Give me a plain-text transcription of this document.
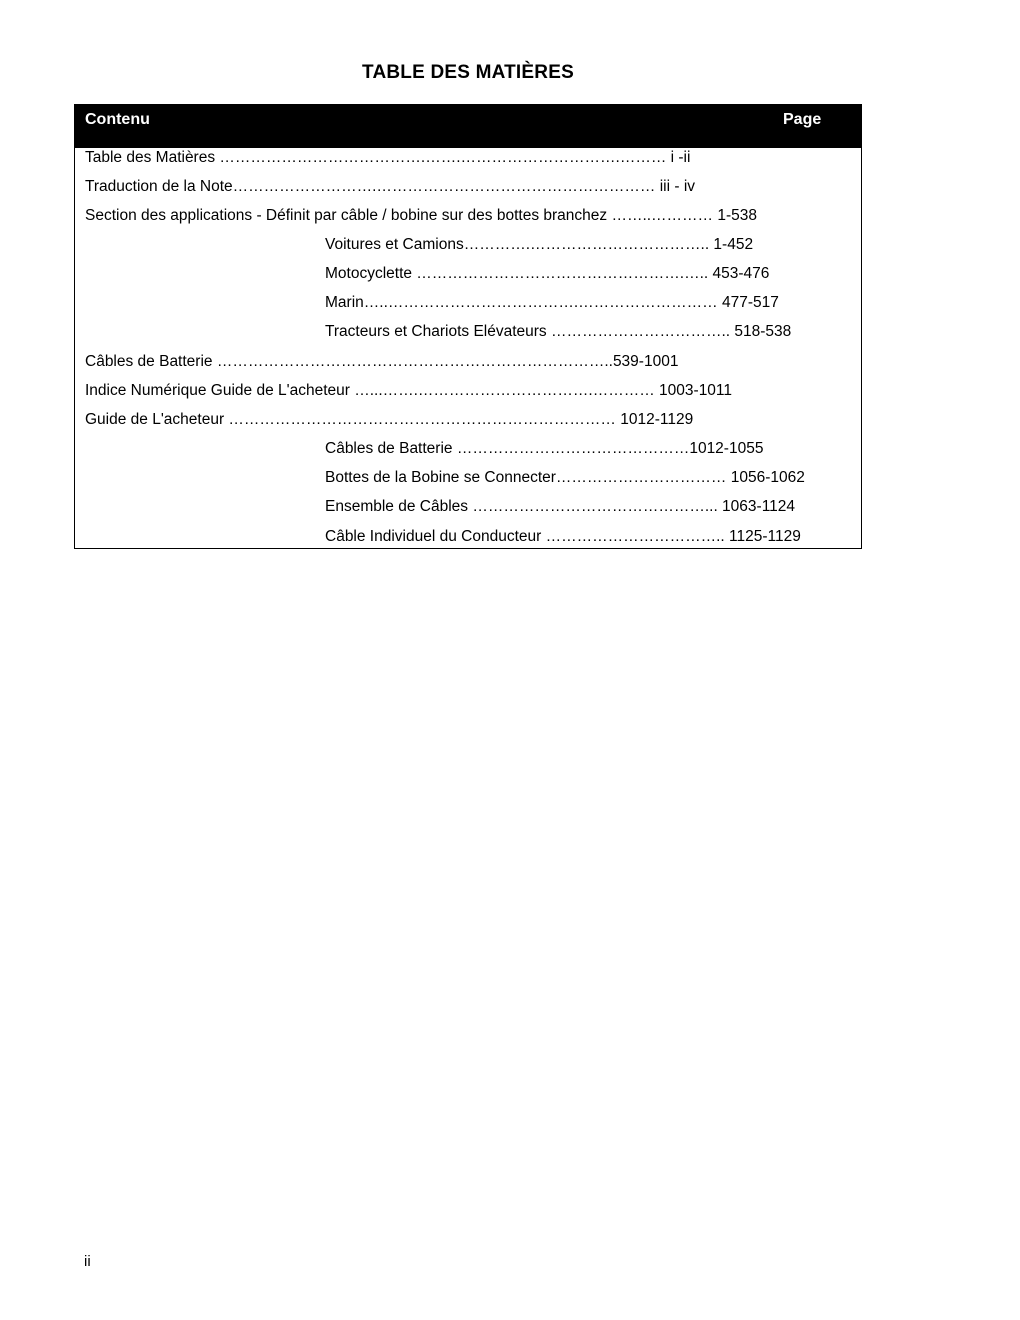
TABLE DES MATIÈRES
Contenu	Page
Table des Matières ………………………………….…….………………………….……… i -ii
Traduction de la Note……………………….……………………………………………… iii - iv
Section des applications - Définit par câble / bobine sur des bottes branchez ……..………… 1-538
Voitures et Camions………….…………………………….. 1-452
Motocyclette …………………………………………….….. 453-476
Marin…..……………………………….……………………… 477-517
Tracteurs et Chariots Elévateurs …………………………….. 518-538
Câbles de Batterie …………………………………………………………………..539-1001
Indice Numérique Guide de L'acheteur …...…….…………………………….………… 1003-1011
Guide de L'acheteur ………………………………………………………………… 1012-1129
Câbles de Batterie ………………………………………1012-1055
Bottes de la Bobine se Connecter…………………………… 1056-1062
Ensemble de Câbles ………………………………………... 1063-1124
Câble Individuel du Conducteur …………………………….. 1125-1129
ii
